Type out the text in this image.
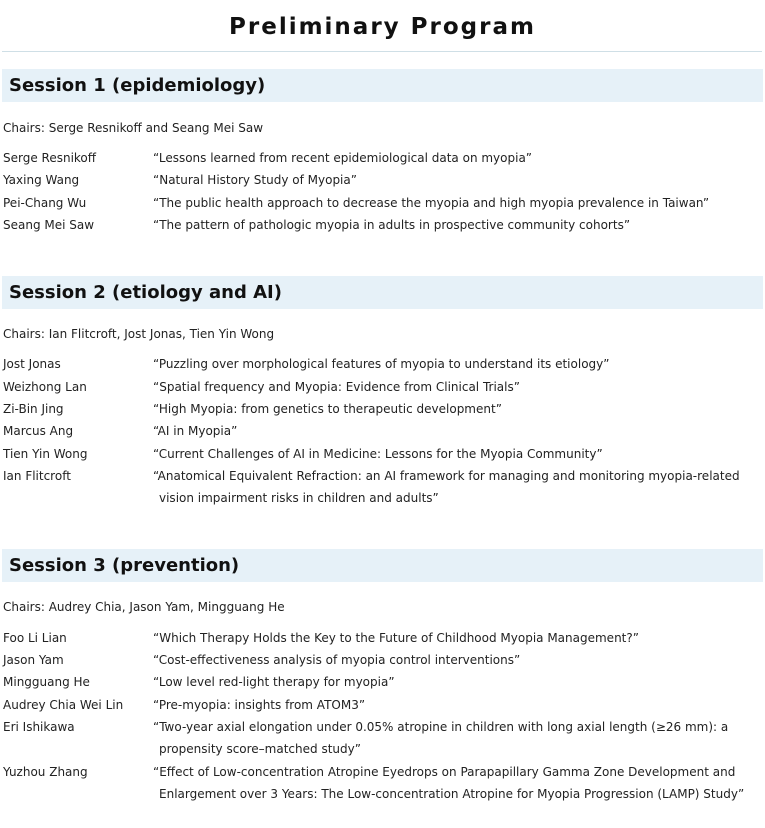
Preliminary Program
Session 1 (epidemiology)
Chairs: Serge Resnikoff and Seang Mei Saw
Serge Resnikoff	“Lessons learned from recent epidemiological data on myopia”
Yaxing Wang	“Natural History Study of Myopia”
Pei-Chang Wu	“The public health approach to decrease the myopia and high myopia prevalence in Taiwan”
Seang Mei Saw	“The pattern of pathologic myopia in adults in prospective community cohorts”
Session 2 (etiology and AI)
Chairs: Ian Flitcroft, Jost Jonas, Tien Yin Wong
Jost Jonas	“Puzzling over morphological features of myopia to understand its etiology”
Weizhong Lan	“Spatial frequency and Myopia: Evidence from Clinical Trials”
Zi-Bin Jing	“High Myopia: from genetics to therapeutic development”
Marcus Ang	“AI in Myopia”
Tien Yin Wong	“Current Challenges of AI in Medicine: Lessons for the Myopia Community”
Ian Flitcroft	“Anatomical Equivalent Refraction: an AI framework for managing and monitoring myopia-related vision impairment risks in children and adults”
Session 3 (prevention)
Chairs: Audrey Chia, Jason Yam, Mingguang He
Foo Li Lian	“Which Therapy Holds the Key to the Future of Childhood Myopia Management?”
Jason Yam	“Cost-effectiveness analysis of myopia control interventions”
Mingguang He	“Low level red-light therapy for myopia”
Audrey Chia Wei Lin “Pre-myopia: insights from ATOM3”
Eri Ishikawa	“Two-year axial elongation under 0.05% atropine in children with long axial length (≥26 mm): a propensity score–matched study”
Yuzhou Zhang	“Effect of Low-concentration Atropine Eyedrops on Parapapillary Gamma Zone Development and Enlargement over 3 Years: The Low-concentration Atropine for Myopia Progression (LAMP) Study”
